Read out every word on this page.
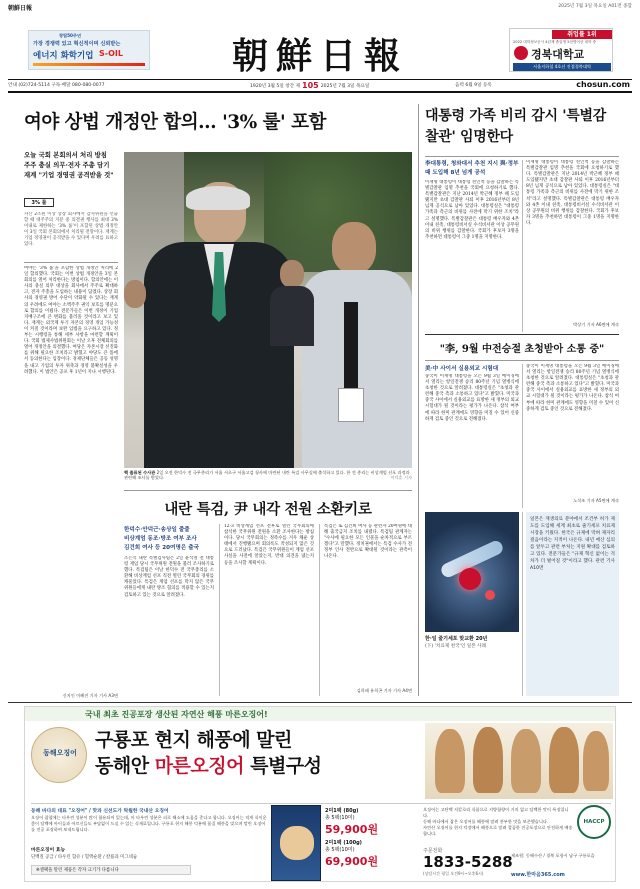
朝鮮日報	2025년 7월 3일 목요일 A01면 종합
창립50주년
가장 경쟁력 있고 혁신적이며 신뢰받는
에너지 화학기업 S-OIL	朝鮮日報
취업률 1위
2022 대학정보공시 4년제 졸업생 5천명이상 대학 중
경북대학교
서울지하철 4호선 진접경북대역
안내 (02)724-5114 구독·배달 080-080-0077	1920년 3월 5일 창간 제 105 2025년 7월 3일 목요일	음력 6월 9일 등록	chosun.com
여야 상법 개정안 합의… '3% 룰' 포함
오늘 국회 본회의서 처리 방침
주주 충실 의무·전자 주총 담기
재계 "기업 경영권 공격받을 것"
3% 룰
자산 2조원 이상 상장 회사에서 감사위원을 선출할 때 대주주의 지분 중 의결권 행사를 최대 3% 이내로 제한하는 ‘3% 룰’이 포함된 상법 개정안이 3일 국회 본회의에서 처리될 전망이다. 재계는 기업 경영권이 공격받을 수 있다며 우려를 표하고 있다.
여야는 ‘3% 룰’을 포함한 상법 개정안 처리에 2일 합의했다. 국회는 이번 상법 개정안을 3일 본회의를 열어 처리한다는 방침이다. 합의안에는 이사의 충실 의무 대상을 회사에서 주주로 확대하고, 전자 주총을 도입하는 내용이 담겼다. 상장 회사의 경영권 방어 수단이 약화될 수 있다는 재계의 우려에도 여야는 소액주주 권익 보호를 명분으로 합의를 이뤘다. 전문가들은 이번 개정이 기업 지배구조에 큰 변화를 불러올 것이라고 보고 있다. 재계는 외국계 투기 자본의 경영 개입 가능성이 커질 것이라며 보완 입법을 요구하고 있다. 정부는 시행령을 통해 세부 사항을 마련할 계획이다. 국회 법제사법위원회는 이날 오후 전체회의를 열어 개정안을 의결했다. 여당은 자본시장 선진화를 위해 필요한 조치라고 밝혔고 야당도 큰 틀에서 동의한다는 입장이다. 경제단체들은 공동 성명을 내고 기업의 투자 위축과 경영 불확실성을 우려했다. 이 법안은 공포 후 1년이 지나 시행된다.
신지인 이혜진 기자 기사 A3면
핵 줄표된 수사관 2일 오전 한덕수 전 국무총리가 서울 서초구 서울고검 청사에 마련된 내란 특검 사무실에 출석하고 있다. 한 전 총리는 비상계엄 선포 과정과 관련해 조사를 받았다.	이덕훈 기자
내란 특검, 尹 내각 전원 소환키로
한덕수·안덕근·송상일 줄줄
비상계엄 동조·방조 여부 조사
김건희 여사 등 20여명은 출국
조은석 내란 특별검사팀은 2일 윤석열 전 대통령 재임 당시 국무위원 전원을 불러 조사하기로 했다. 특검팀은 이날 한덕수 전 국무총리를 소환해 비상계엄 선포 직전 열린 국무회의 경위를 캐물었다. 특검은 계엄 선포를 막지 않은 국무위원들에게 내란 방조 혐의를 적용할 수 있는지 검토하고 있는 것으로 알려졌다.
12·3 비상계엄 선포 전후로 열린 국무회의에 참석한 국무위원 전원을 소환 조사한다는 방침이다. 당시 국무회의는 정족수를 겨우 채운 상태에서 진행됐으며 회의록도 작성되지 않은 것으로 드러났다. 특검은 국무위원들이 계엄 선포 사실을 사전에 알았는지, 반대 의견을 냈는지 등을 조사할 계획이다.
특검은 또 김건희 여사 등 관련자 20여명에 대해 출국금지 조치를 내렸다. 특검팀 관계자는 "수사에 필요한 모든 인물을 순차적으로 부르겠다"고 말했다. 정치권에서는 특검 수사가 전 정부 인사 전반으로 확대될 것이라는 관측이 나온다.
김희래 유희곤 기자 기사 A4면
대통령 가족 비리 감시 '특별감찰관' 임명한다
李대통령, 청와대서 추천 지시 與·정부 때 도입해 8년 넘게 공석
이재명 대통령이 대통령 친인척 등을 감찰하는 특별감찰관 임명 추천을 국회에 요청하기로 했다. 특별감찰관은 지난 2014년 박근혜 정부 때 도입됐지만 초대 감찰관 사퇴 이후 2016년부터 8년 넘게 공석으로 남아 있었다. 대통령실은 "대통령 가족과 측근의 비위를 사전에 막기 위한 조치"라고 설명했다. 특별감찰관은 대통령 배우자와 4촌 이내 친족, 대통령비서실 수석비서관 이상 공무원의 비위 행위를 감찰한다. 국회가 후보자 3명을 추천하면 대통령이 그중 1명을 지명한다.
이재명 대통령이 대통령 친인척 등을 감찰하는 특별감찰관 임명 추천을 국회에 요청하기로 했다. 특별감찰관은 지난 2014년 박근혜 정부 때 도입됐지만 초대 감찰관 사퇴 이후 2016년부터 8년 넘게 공석으로 남아 있었다. 대통령실은 "대통령 가족과 측근의 비위를 사전에 막기 위한 조치"라고 설명했다. 특별감찰관은 대통령 배우자와 4촌 이내 친족, 대통령비서실 수석비서관 이상 공무원의 비위 행위를 감찰한다. 국회가 후보자 3명을 추천하면 대통령이 그중 1명을 지명한다.
박상기 기자 A6면에 계속
"李, 9월 中전승절 초청받아 소통 중"
美·中 사이서 실용외교 시험대
중국이 이재명 대통령을 오는 9월 3일 베이징에서 열리는 항일전쟁 승리 80주년 기념 열병식에 초청한 것으로 알려졌다. 대통령실은 "초청과 관련해 중국 측과 소통하고 있다"고 밝혔다. 미국과 중국 사이에서 실용외교를 표방한 새 정부의 외교 시험대가 될 것이라는 평가가 나온다. 참석 여부에 따라 한미 관계에도 영향을 미칠 수 있어 신중하게 검토 중인 것으로 전해졌다.
중국이 이재명 대통령을 오는 9월 3일 베이징에서 열리는 항일전쟁 승리 80주년 기념 열병식에 초청한 것으로 알려졌다. 대통령실은 "초청과 관련해 중국 측과 소통하고 있다"고 밝혔다. 미국과 중국 사이에서 실용외교를 표방한 새 정부의 외교 시험대가 될 것이라는 평가가 나온다. 참석 여부에 따라 한미 관계에도 영향을 미칠 수 있어 신중하게 검토 중인 것으로 전해졌다.
노석조 기자 A5면에 계속
한·일 줄기세포 맞교환 20년
(下) '치료제 천국'인 일본 사례
일본은 재생의료 분야에서 조건부 허가 제도를 도입해 세계 최초로 줄기세포 치료제 시장을 키웠다. 한국은 규제에 막혀 제자리걸음이라는 지적이 나온다. 내년 예산 심의를 앞두고 관련 부처는 지원 확대를 검토하고 있다. 전문가들은 "규제 혁신 없이는 격차가 더 벌어질 것"이라고 했다. 관련 기사 A10면
국내 최초 진공포장 생산된 자연산 해풍 마른오징어!
동해오징어
구룡포 현지 해풍에 말린
동해안 마른오징어 특별구성
동해 바다의 대표 "오징어" / 맛과 신선도가 탁월한 국내산 오징어
오징어 잡철에는 타우린 성분이 많이 함유되어 있는데, 이 타우린 성분은 피로 해소에 도움을 준다고 합니다. 오징어는 적게 식이운 좋이 담백에 아이들과 어르신들도 부담없이 드실 수 있는 식재료입니다. 구룡포 현지 해풍 덕분에 품질 해풍을 맞으며 말린 오징어를 진공 포장하여 보내드립니다.
마른오징어 효능
단백질 공급 / 타우린 함유 / 혈액순환 / 칼륨과 미그네슘
※셀팩을 말린 제품은 각자 크기가 다릅니다
2미1팩 (80g)
총 5팩(10미)
59,900원
2미1팩 (100g)
총 5팩(10미)
69,900원
오징어는 고단백 저칼로리 식품으로 지방함량이 거의 없고 담백한 맛이 특징입니다.
동해 바다에서 잡은 오징어를 해풍에 말려 풍부한 맛을 보존했습니다.
자연산 오징어를 현지 덕장에서 해풍으로 말려 깔끔한 진공포장으로 안전하게 배송합니다.
HACCP
주문전화
1833-5288
(상담시간 평일 오전9시~오후6시)
제조원: 동해수산 / 경북 포항시 남구 구룡포읍
www.한마음365.com
